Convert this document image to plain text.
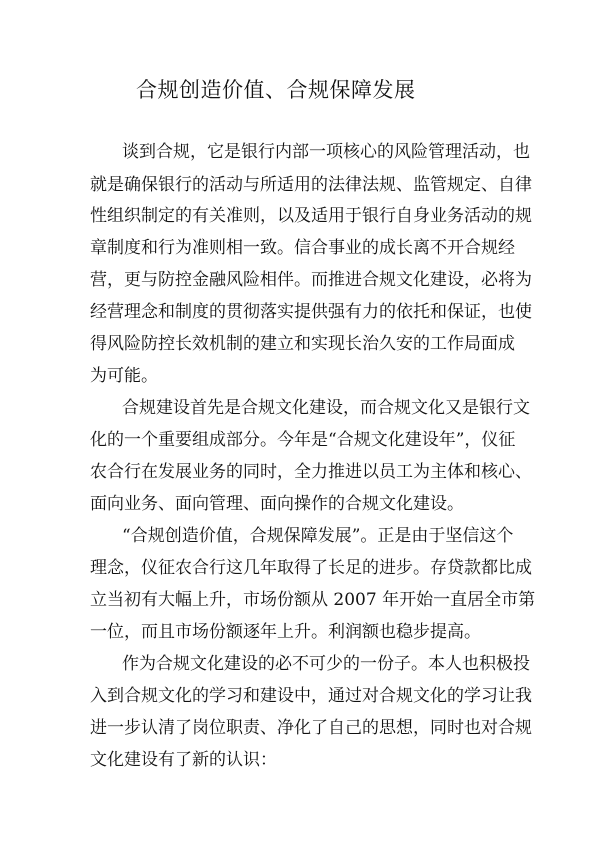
合规创造价值、合规保障发展

谈到合规，它是银行内部一项核心的风险管理活动，也

就是确保银行的活动与所适用的法律法规、监管规定、自律

性组织制定的有关准则，以及适用于银行自身业务活动的规

章制度和行为准则相一致。信合事业的成长离不开合规经

营，更与防控金融风险相伴。而推进合规文化建设，必将为

经营理念和制度的贯彻落实提供强有力的依托和保证，也使

得风险防控长效机制的建立和实现长治久安的工作局面成

为可能。

合规建设首先是合规文化建设，而合规文化又是银行文

化的一个重要组成部分。今年是“合规文化建设年”，仪征

农合行在发展业务的同时，全力推进以员工为主体和核心、

面向业务、面向管理、面向操作的合规文化建设。

“合规创造价值，合规保障发展”。正是由于坚信这个

理念，仪征农合行这几年取得了长足的进步。存贷款都比成

立当初有大幅上升，市场份额从 2007 年开始一直居全市第

一位，而且市场份额逐年上升。利润额也稳步提高。

作为合规文化建设的必不可少的一份子。本人也积极投

入到合规文化的学习和建设中，通过对合规文化的学习让我

进一步认清了岗位职责、净化了自己的思想，同时也对合规

文化建设有了新的认识：
